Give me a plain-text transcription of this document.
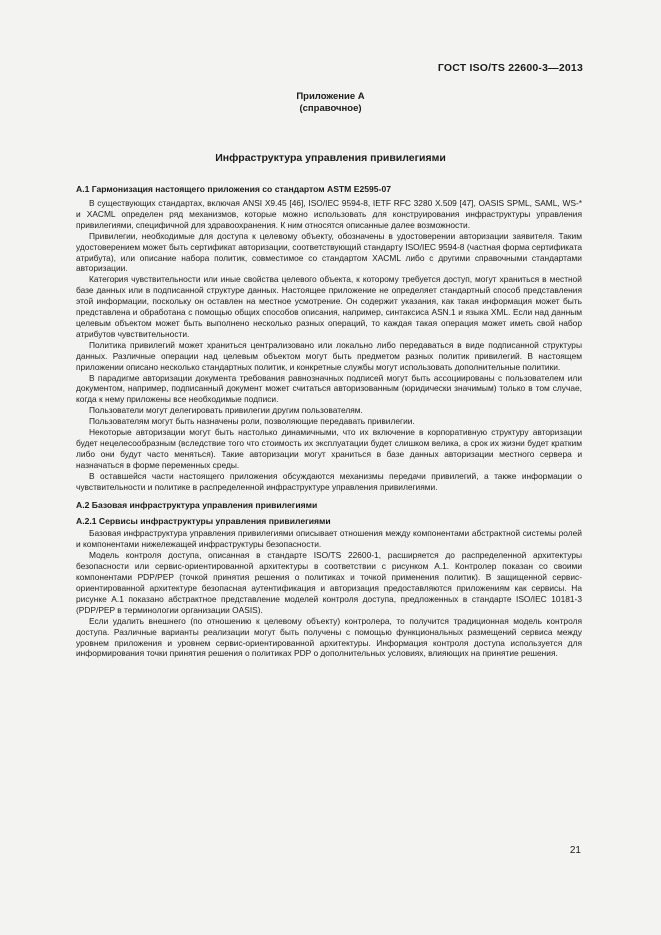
ГОСТ ISO/TS 22600-3—2013
Приложение А
(справочное)
Инфраструктура управления привилегиями
А.1 Гармонизация настоящего приложения со стандартом ASTM E2595-07

В существующих стандартах, включая ANSI X9.45 [46], ISO/IEC 9594-8, IETF RFC 3280 X.509 [47], OASIS SPML, SAML, WS-* и XACML определен ряд механизмов, которые можно использовать для конструирования инфраструктуры управления привилегиями, специфичной для здравоохранения. К ним относятся описанные далее возможности.

Привилегии, необходимые для доступа к целевому объекту, обозначены в удостоверении авторизации заявителя. Таким удостоверением может быть сертификат авторизации, соответствующий стандарту ISO/IEC 9594-8 (частная форма сертификата атрибута), или описание набора политик, совместимое со стандартом XACML либо с другими справочными стандартами авторизации.

Категория чувствительности или иные свойства целевого объекта, к которому требуется доступ, могут храниться в местной базе данных или в подписанной структуре данных. Настоящее приложение не определяет стандартный способ представления этой информации, поскольку он оставлен на местное усмотрение. Он содержит указания, как такая информация может быть представлена и обработана с помощью общих способов описания, например, синтаксиса ASN.1 и языка XML. Если над данным целевым объектом может быть выполнено несколько разных операций, то каждая такая операция может иметь свой набор атрибутов чувствительности.

Политика привилегий может храниться централизовано или локально либо передаваться в виде подписанной структуры данных. Различные операции над целевым объектом могут быть предметом разных политик привилегий. В настоящем приложении описано несколько стандартных политик, и конкретные службы могут использовать дополнительные политики.

В парадигме авторизации документа требования равнозначных подписей могут быть ассоциированы с пользователем или документом, например, подписанный документ может считаться авторизованным (юридически значимым) только в том случае, когда к нему приложены все необходимые подписи.

Пользователи могут делегировать привилегии другим пользователям.

Пользователям могут быть назначены роли, позволяющие передавать привилегии.

Некоторые авторизации могут быть настолько динамичными, что их включение в корпоративную структуру авторизации будет нецелесообразным (вследствие того что стоимость их эксплуатации будет слишком велика, а срок их жизни будет кратким либо они будут часто меняться). Такие авторизации могут храниться в базе данных авторизации местного сервера и назначаться в форме переменных среды.

В оставшейся части настоящего приложения обсуждаются механизмы передачи привилегий, а также информации о чувствительности и политике в распределенной инфраструктуре управления привилегиями.

А.2 Базовая инфраструктура управления привилегиями
А.2.1 Сервисы инфраструктуры управления привилегиями

Базовая инфраструктура управления привилегиями описывает отношения между компонентами абстрактной системы ролей и компонентами нижележащей инфраструктуры безопасности.

Модель контроля доступа, описанная в стандарте ISO/TS 22600-1, расширяется до распределенной архитектуры безопасности или сервис-ориентированной архитектуры в соответствии с рисунком А.1. Контролер показан со своими компонентами PDP/PEP (точкой принятия решения о политиках и точкой применения политик). В защищенной сервис-ориентированной архитектуре безопасная аутентификация и авторизация предоставляются приложениям как сервисы. На рисунке А.1 показано абстрактное представление моделей контроля доступа, предложенных в стандарте ISO/IEC 10181-3 (PDP/PEP в терминологии организации OASIS).

Если удалить внешнего (по отношению к целевому объекту) контролера, то получится традиционная модель контроля доступа. Различные варианты реализации могут быть получены с помощью функциональных размещений сервиса между уровнем приложения и уровнем сервис-ориентированной архитектуры. Информация контроля доступа используется для информирования точки принятия решения о политиках PDP о дополнительных условиях, влияющих на принятие решения.

21
